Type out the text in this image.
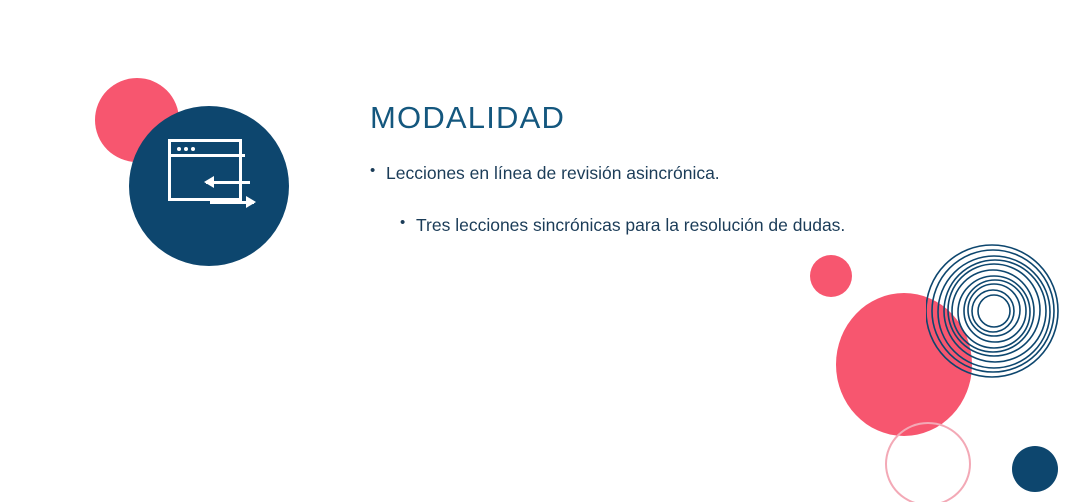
MODALIDAD
• Lecciones en línea de revisión asincrónica.
• Tres lecciones sincrónicas para la resolución de dudas.
